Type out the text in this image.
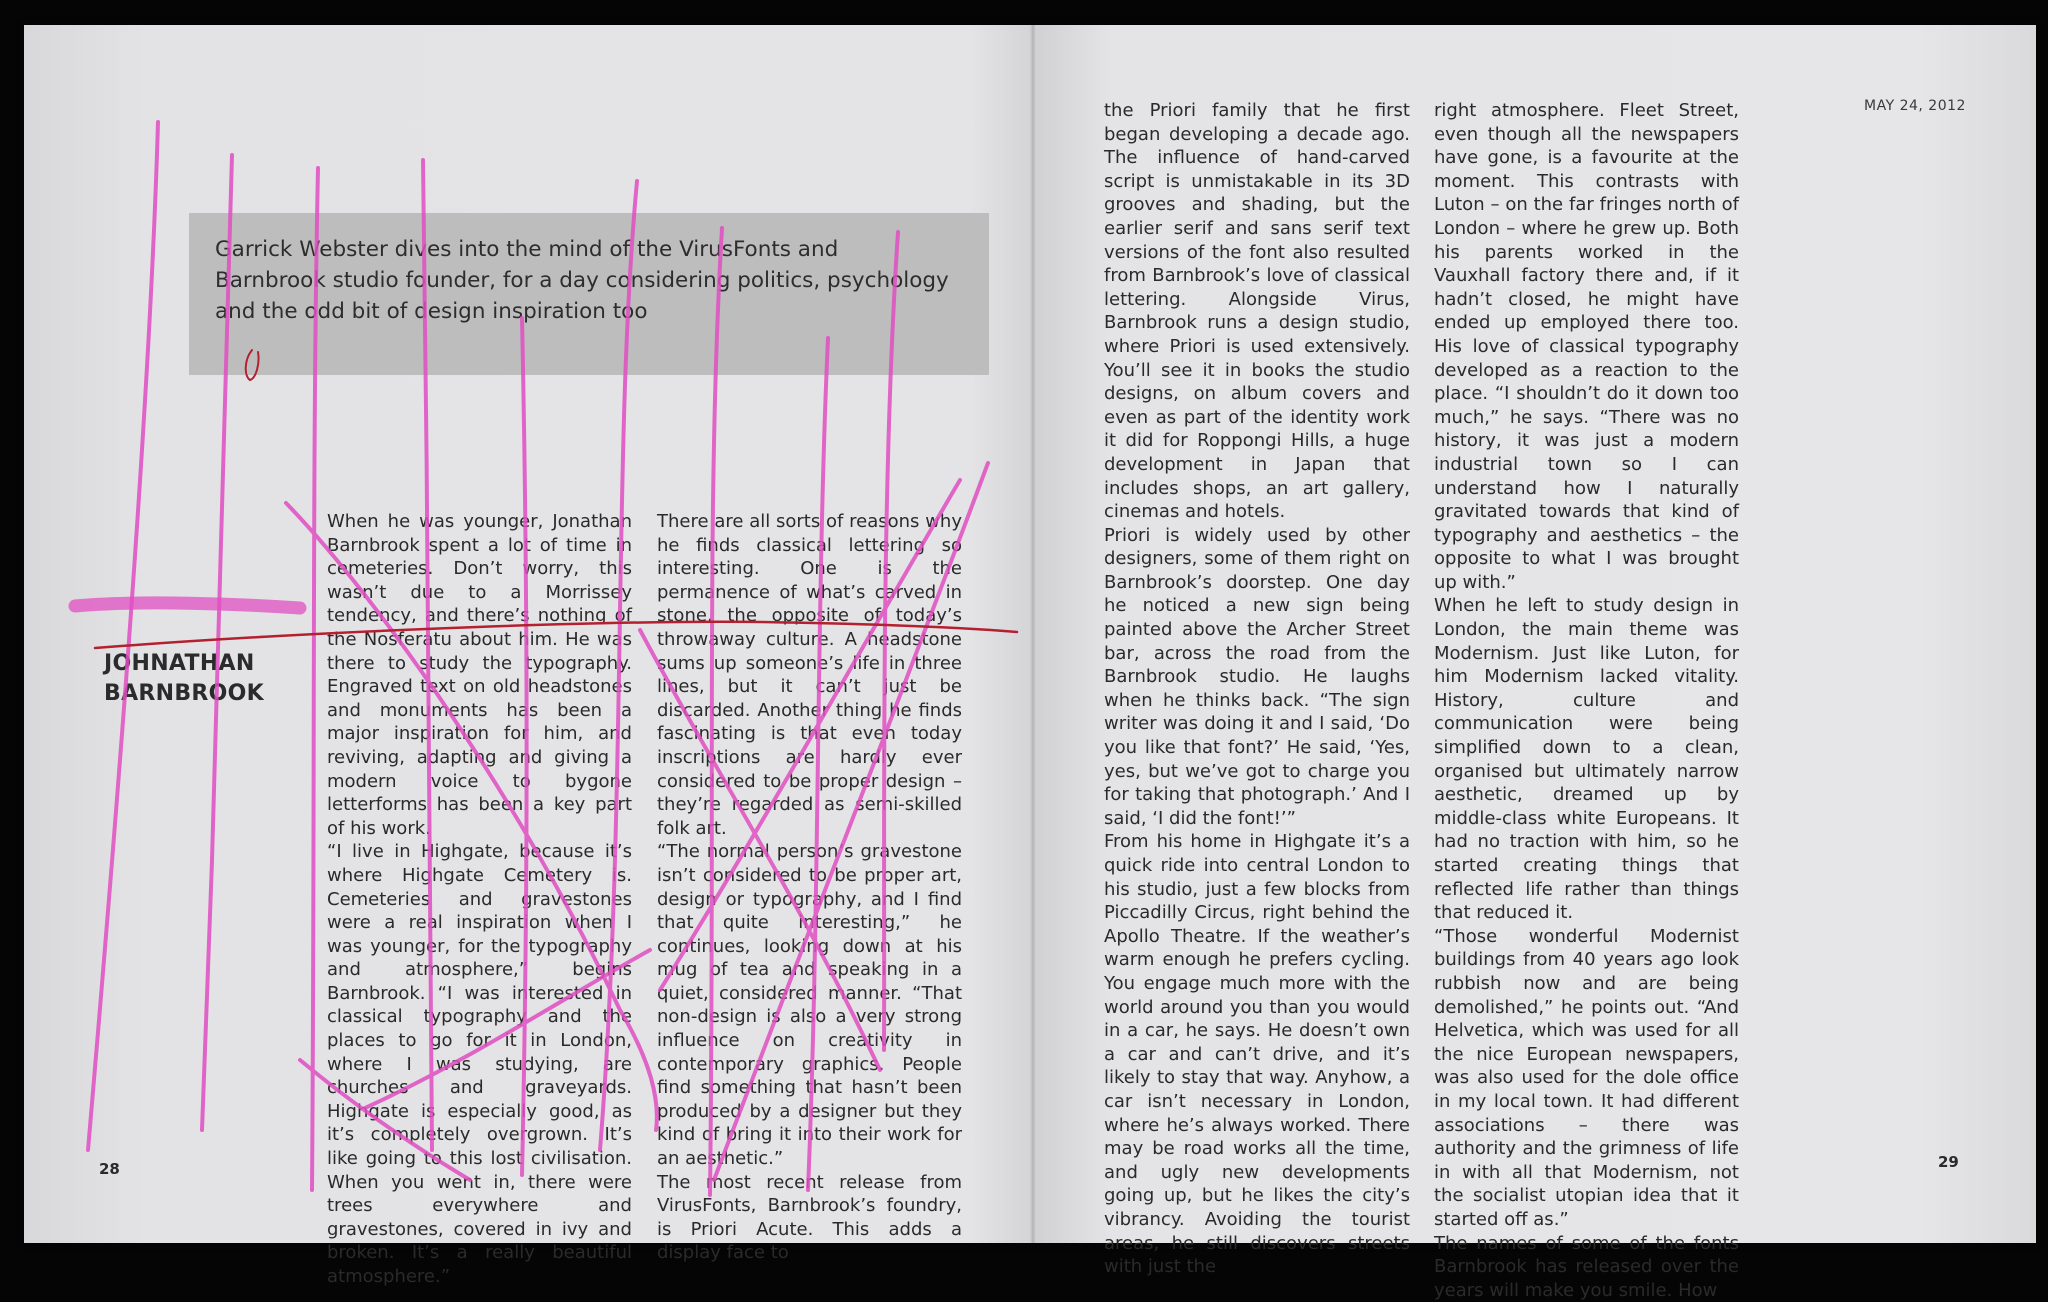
Garrick Webster dives into the mind of the VirusFonts and Barnbrook studio founder, for a day considering politics, psychology and the odd bit of design inspiration too
JOHNATHAN BARNBROOK

When he was younger, Jonathan Barnbrook spent a lot of time in cemeteries. Don’t worry, this wasn’t due to a Morrissey tendency, and there’s nothing of the Nosferatu about him. He was there to study the typography. Engraved text on old headstones and monuments has been a major inspiration for him, and reviving, adapting and giving a modern voice to bygone letterforms has been a key part of his work.

“I live in Highgate, because it’s where Highgate Cemetery is. Cemeteries and gravestones were a real inspiration when I was younger, for the typography and atmosphere,” begins Barnbrook. “I was interested in classical typography and the places to go for it in London, where I was studying, are churches and graveyards. Highgate is especially good, as it’s completely overgrown. It’s like going to this lost civilisation. When you went in, there were trees everywhere and gravestones, covered in ivy and broken. It’s a really beautiful atmosphere.”

There are all sorts of reasons why he finds classical lettering so interesting. One is the permanence of what’s carved in stone, the opposite of today’s throwaway culture. A headstone sums up someone’s life in three lines, but it can’t just be discarded. Another thing he finds fascinating is that even today inscriptions are hardly ever considered to be proper design – they’re regarded as semi-skilled folk art.

“The normal person’s gravestone isn’t considered to be proper art, design or typography, and I find that quite interesting,” he continues, looking down at his mug of tea and speaking in a quiet, considered manner. “That non-design is also a very strong influence on creativity in contemporary graphics. People find something that hasn’t been produced by a designer but they kind of bring it into their work for an aesthetic.”

The most recent release from VirusFonts, Barnbrook’s foundry, is Priori Acute. This adds a display face to

the Priori family that he first began developing a decade ago. The influence of hand-carved script is unmistakable in its 3D grooves and shading, but the earlier serif and sans serif text versions of the font also resulted from Barnbrook’s love of classical lettering. Alongside Virus, Barnbrook runs a design studio, where Priori is used extensively. You’ll see it in books the studio designs, on album covers and even as part of the identity work it did for Roppongi Hills, a huge development in Japan that includes shops, an art gallery, cinemas and hotels.

Priori is widely used by other designers, some of them right on Barnbrook’s doorstep. One day he noticed a new sign being painted above the Archer Street bar, across the road from the Barnbrook studio. He laughs when he thinks back. “The sign writer was doing it and I said, ‘Do you like that font?’ He said, ‘Yes, yes, but we’ve got to charge you for taking that photograph.’ And I said, ‘I did the font!’”

From his home in Highgate it’s a quick ride into central London to his studio, just a few blocks from Piccadilly Circus, right behind the Apollo Theatre. If the weather’s warm enough he prefers cycling. You engage much more with the world around you than you would in a car, he says. He doesn’t own a car and can’t drive, and it’s likely to stay that way. Anyhow, a car isn’t necessary in London, where he’s always worked. There may be road works all the time, and ugly new developments going up, but he likes the city’s vibrancy. Avoiding the tourist areas, he still discovers streets with just the

right atmosphere. Fleet Street, even though all the newspapers have gone, is a favourite at the moment. This contrasts with Luton – on the far fringes north of London – where he grew up. Both his parents worked in the Vauxhall factory there and, if it hadn’t closed, he might have ended up employed there too. His love of classical typography developed as a reaction to the place. “I shouldn’t do it down too much,” he says. “There was no history, it was just a modern industrial town so I can understand how I naturally gravitated towards that kind of typography and aesthetics – the opposite to what I was brought up with.”

When he left to study design in London, the main theme was Modernism. Just like Luton, for him Modernism lacked vitality. History, culture and communication were being simplified down to a clean, organised but ultimately narrow aesthetic, dreamed up by middle-class white Europeans. It had no traction with him, so he started creating things that reflected life rather than things that reduced it.

“Those wonderful Modernist buildings from 40 years ago look rubbish now and are being demolished,” he points out. “And Helvetica, which was used for all the nice European newspapers, was also used for the dole office in my local town. It had different associations – there was authority and the grimness of life in with all that Modernism, not the socialist utopian idea that it started off as.”

The names of some of the fonts Barnbrook has released over the years will make you smile. How

MAY 24, 2012
28	29
